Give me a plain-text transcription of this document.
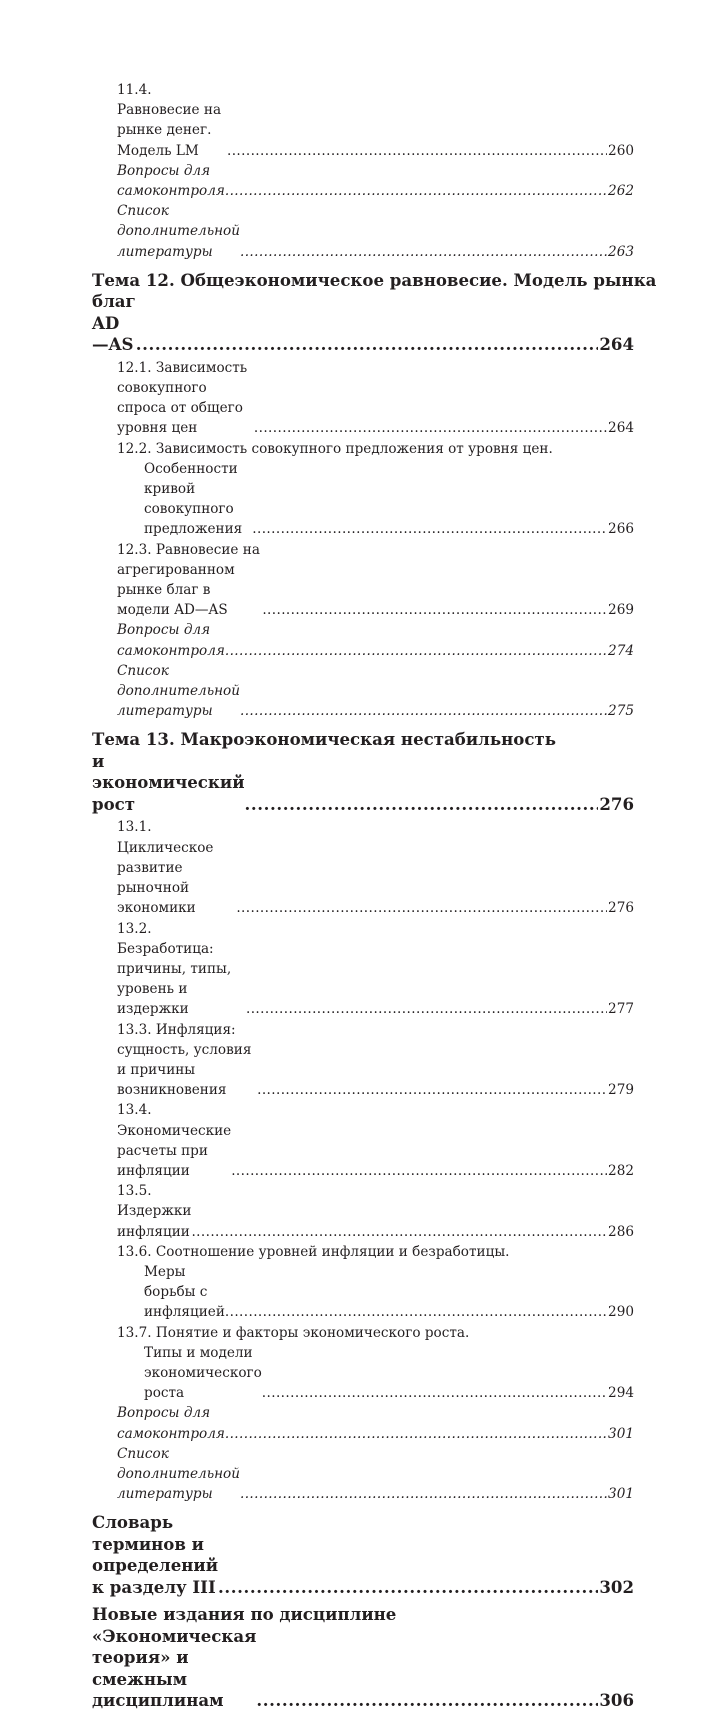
11.4. Равновесие на рынке денег. Модель LM .....	260
Вопросы для самоконтроля .....	262
Список дополнительной литературы .....	263
Тема 12. Общеэкономическое равновесие. Модель рынка
благ AD—AS .....	264
12.1. Зависимость совокупного спроса от общего уровня цен .....	264
12.2. Зависимость совокупного предложения от уровня цен.
Особенности кривой совокупного предложения .....	266
12.3. Равновесие на агрегированном рынке благ в модели AD—AS .....	269
Вопросы для самоконтроля .....	274
Список дополнительной литературы .....	275
Тема 13. Макроэкономическая нестабильность
и экономический рост .....	276
13.1. Циклическое развитие рыночной экономики .....	276
13.2. Безработица: причины, типы, уровень и издержки .....	277
13.3. Инфляция: сущность, условия и причины возникновения .....	279
13.4. Экономические расчеты при инфляции .....	282
13.5. Издержки инфляции .....	286
13.6. Соотношение уровней инфляции и безработицы.
Меры борьбы с инфляцией .....	290
13.7. Понятие и факторы экономического роста.
Типы и модели экономического роста .....	294
Вопросы для самоконтроля .....	301
Список дополнительной литературы .....	301
Словарь терминов и определений к разделу III .....	302
Новые издания по дисциплине
«Экономическая теория» и смежным дисциплинам .....	306
